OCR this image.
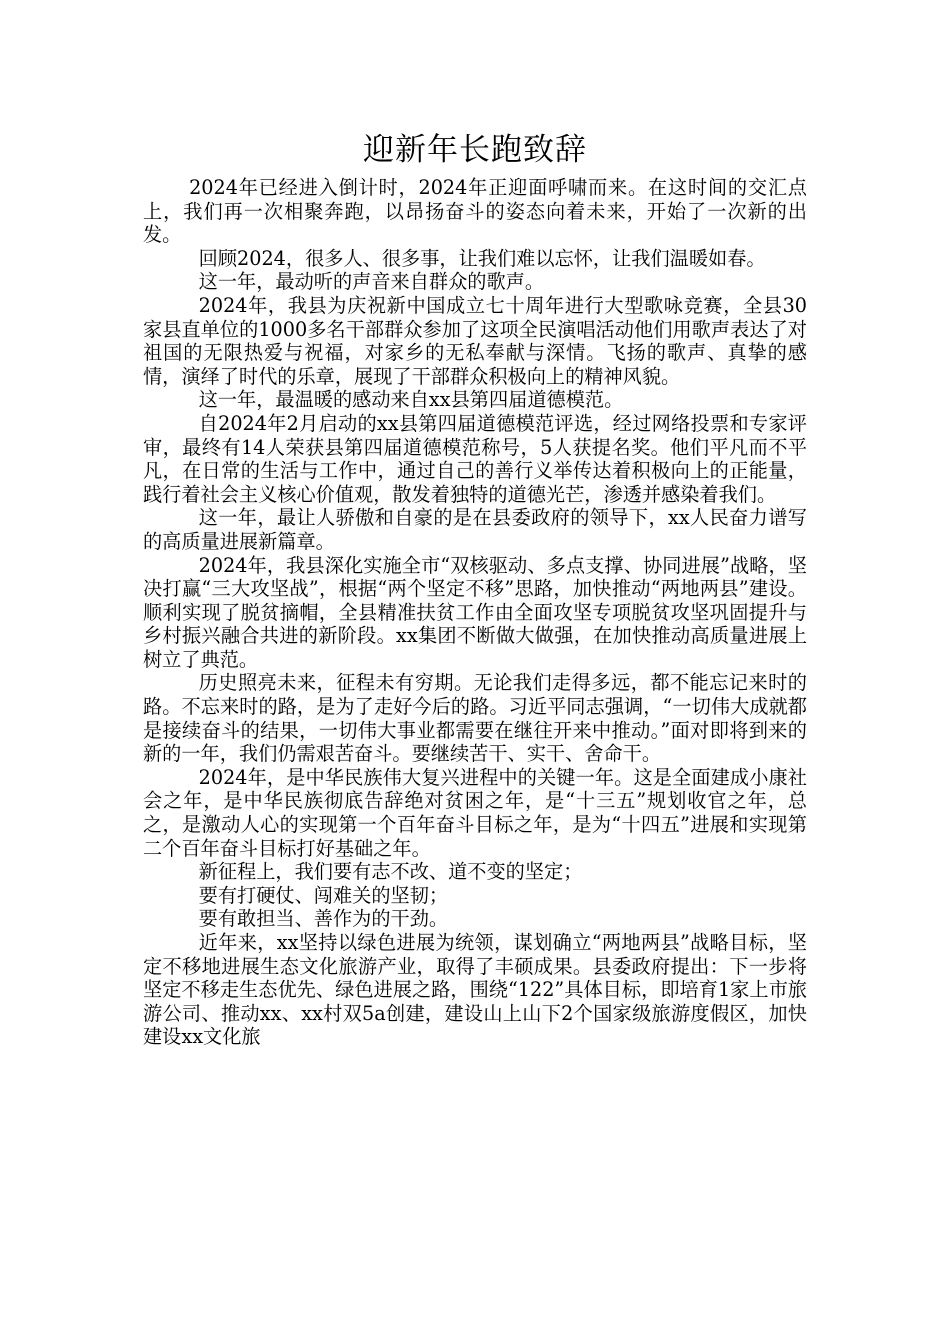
迎新年长跑致辞

2024年已经进入倒计时，2024年正迎面呼啸而来。在这时间的交汇点上，我们再一次相聚奔跑，以昂扬奋斗的姿态向着未来，开始了一次新的出发。

回顾2024，很多人、很多事，让我们难以忘怀，让我们温暖如春。

这一年，最动听的声音来自群众的歌声。

2024年，我县为庆祝新中国成立七十周年进行大型歌咏竞赛，全县30家县直单位的1000多名干部群众参加了这项全民演唱活动他们用歌声表达了对祖国的无限热爱与祝福，对家乡的无私奉献与深情。飞扬的歌声、真挚的感情，演绎了时代的乐章，展现了干部群众积极向上的精神风貌。

这一年，最温暖的感动来自xx县第四届道德模范。

自2024年2月启动的xx县第四届道德模范评选，经过网络投票和专家评审，最终有14人荣获县第四届道德模范称号，5人获提名奖。他们平凡而不平凡，在日常的生活与工作中，通过自己的善行义举传达着积极向上的正能量，践行着社会主义核心价值观，散发着独特的道德光芒，渗透并感染着我们。

这一年，最让人骄傲和自豪的是在县委政府的领导下，xx人民奋力谱写的高质量进展新篇章。

2024年，我县深化实施全市“双核驱动、多点支撑、协同进展”战略，坚决打赢“三大攻坚战”，根据“两个坚定不移”思路，加快推动“两地两县”建设。顺利实现了脱贫摘帽，全县精准扶贫工作由全面攻坚专项脱贫攻坚巩固提升与乡村振兴融合共进的新阶段。xx集团不断做大做强，在加快推动高质量进展上树立了典范。

历史照亮未来，征程未有穷期。无论我们走得多远，都不能忘记来时的路。不忘来时的路，是为了走好今后的路。习近平同志强调，“一切伟大成就都是接续奋斗的结果，一切伟大事业都需要在继往开来中推动。”面对即将到来的新的一年，我们仍需艰苦奋斗。要继续苦干、实干、舍命干。

2024年，是中华民族伟大复兴进程中的关键一年。这是全面建成小康社会之年，是中华民族彻底告辞绝对贫困之年，是“十三五”规划收官之年，总之，是激动人心的实现第一个百年奋斗目标之年，是为“十四五”进展和实现第二个百年奋斗目标打好基础之年。

新征程上，我们要有志不改、道不变的坚定；

要有打硬仗、闯难关的坚韧；

要有敢担当、善作为的干劲。

近年来，xx坚持以绿色进展为统领，谋划确立“两地两县”战略目标，坚定不移地进展生态文化旅游产业，取得了丰硕成果。县委政府提出：下一步将坚定不移走生态优先、绿色进展之路，围绕“122”具体目标，即培育1家上市旅游公司、推动xx、xx村双5a创建，建设山上山下2个国家级旅游度假区，加快建设xx文化旅
